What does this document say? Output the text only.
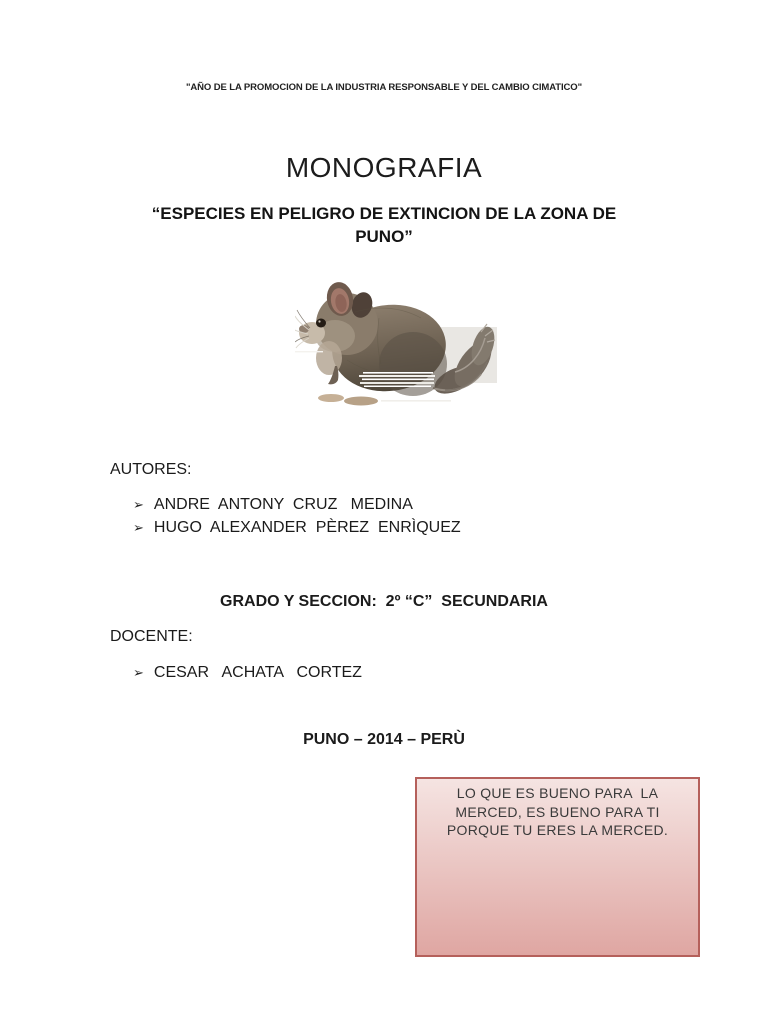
"AÑO DE LA PROMOCION DE LA INDUSTRIA RESPONSABLE Y DEL CAMBIO CIMATICO"
MONOGRAFIA
“ESPECIES EN PELIGRO DE EXTINCION DE LA ZONA DE PUNO”
AUTORES:
➢ ANDRE  ANTONY  CRUZ   MEDINA
➢ HUGO  ALEXANDER  PÈREZ  ENRÌQUEZ
GRADO Y SECCION:  2º “C”  SECUNDARIA
DOCENTE:
➢ CESAR   ACHATA   CORTEZ
PUNO – 2014 – PERÙ
LO QUE ES BUENO PARA  LA
MERCED, ES BUENO PARA TI
PORQUE TU ERES LA MERCED.
